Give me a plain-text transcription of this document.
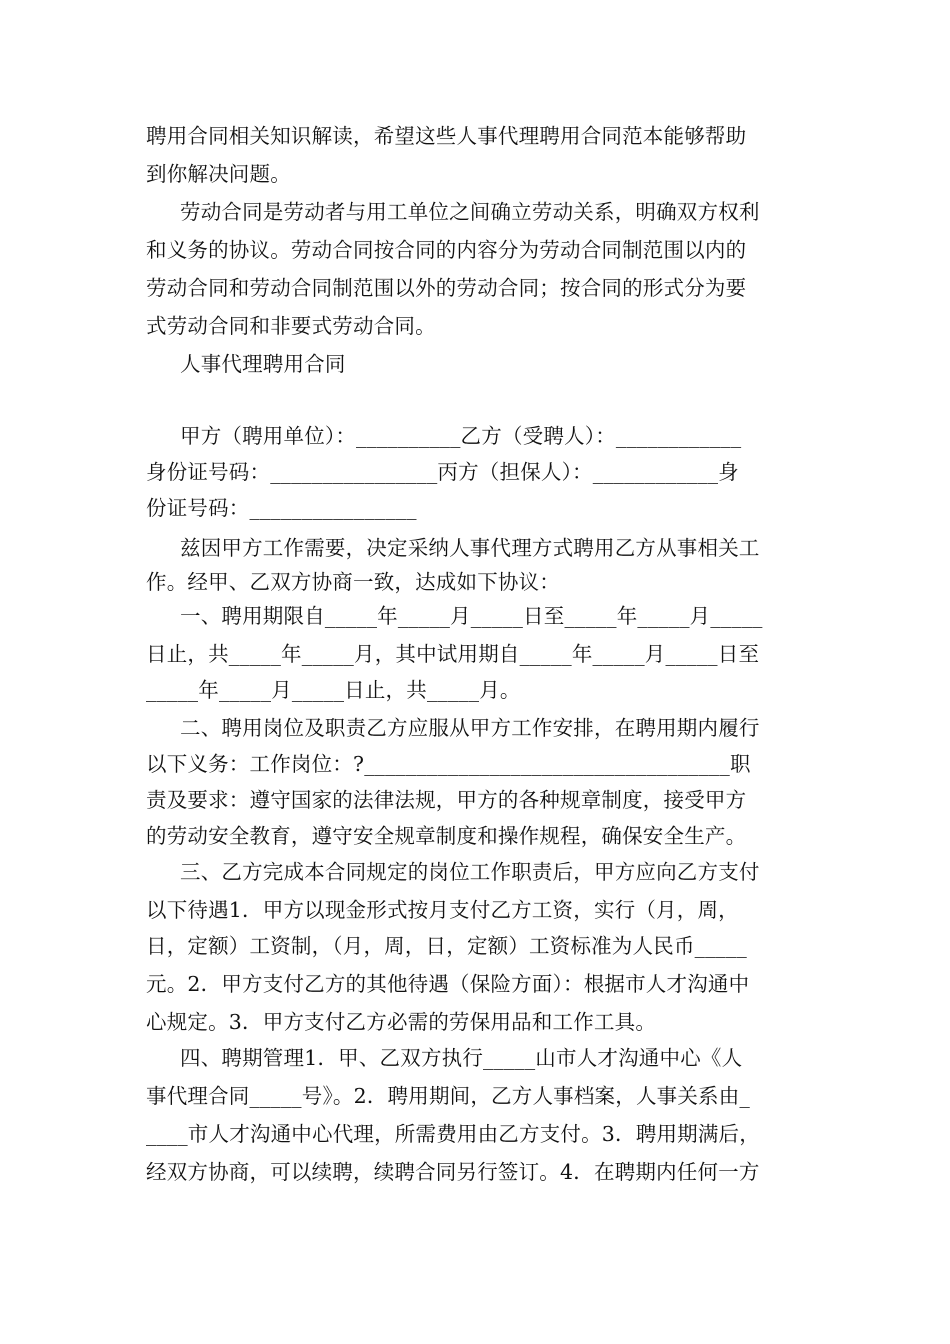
聘用合同相关知识解读，希望这些人事代理聘用合同范本能够帮助
到你解决问题。
劳动合同是劳动者与用工单位之间确立劳动关系，明确双方权利
和义务的协议。劳动合同按合同的内容分为劳动合同制范围以内的
劳动合同和劳动合同制范围以外的劳动合同；按合同的形式分为要
式劳动合同和非要式劳动合同。
人事代理聘用合同
甲方（聘用单位）：__________乙方（受聘人）：____________
身份证号码：________________丙方（担保人）：____________身
份证号码：________________
兹因甲方工作需要，决定采纳人事代理方式聘用乙方从事相关工
作。经甲、乙双方协商一致，达成如下协议：
一、聘用期限自_____年_____月_____日至_____年_____月_____
日止，共_____年_____月，其中试用期自_____年_____月_____日至
_____年_____月_____日止，共_____月。
二、聘用岗位及职责乙方应服从甲方工作安排，在聘用期内履行
以下义务：工作岗位：?___________________________________职
责及要求：遵守国家的法律法规，甲方的各种规章制度，接受甲方
的劳动安全教育，遵守安全规章制度和操作规程，确保安全生产。
三、乙方完成本合同规定的岗位工作职责后，甲方应向乙方支付
以下待遇1．甲方以现金形式按月支付乙方工资，实行（月，周，
日，定额）工资制，（月，周，日，定额）工资标准为人民币_____
元。2．甲方支付乙方的其他待遇（保险方面）：根据市人才沟通中
心规定。3．甲方支付乙方必需的劳保用品和工作工具。
四、聘期管理1．甲、乙双方执行_____山市人才沟通中心《人
事代理合同_____号》。2．聘用期间，乙方人事档案，人事关系由_
____市人才沟通中心代理，所需费用由乙方支付。3．聘用期满后，
经双方协商，可以续聘，续聘合同另行签订。4．在聘期内任何一方
